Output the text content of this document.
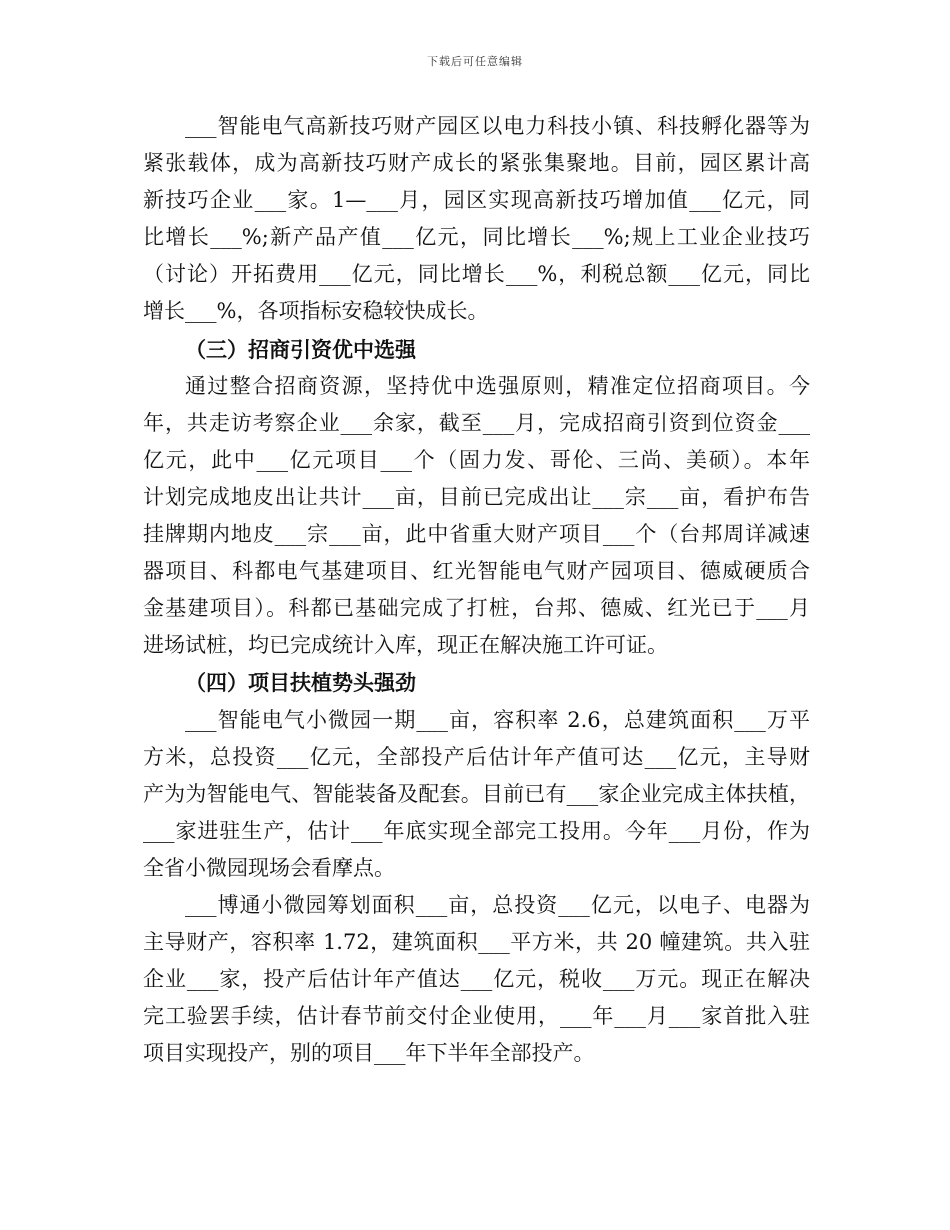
下载后可任意编辑
___智能电气高新技巧财产园区以电力科技小镇、科技孵化器等为
紧张载体，成为高新技巧财产成长的紧张集聚地。目前，园区累计高
新技巧企业___家。1—___月，园区实现高新技巧增加值___亿元，同
比增长___%;新产品产值___亿元，同比增长___%;规上工业企业技巧
（讨论）开拓费用___亿元，同比增长___%，利税总额___亿元，同比
增长___%，各项指标安稳较快成长。
（三）招商引资优中选强
通过整合招商资源，坚持优中选强原则，精准定位招商项目。今
年，共走访考察企业___余家，截至___月，完成招商引资到位资金___
亿元，此中___亿元项目___个（固力发、哥伦、三尚、美硕）。本年
计划完成地皮出让共计___亩，目前已完成出让___宗___亩，看护布告
挂牌期内地皮___宗___亩，此中省重大财产项目___个（台邦周详减速
器项目、科都电气基建项目、红光智能电气财产园项目、德威硬质合
金基建项目）。科都已基础完成了打桩，台邦、德威、红光已于___月
进场试桩，均已完成统计入库，现正在解决施工许可证。
（四）项目扶植势头强劲
___智能电气小微园一期___亩，容积率 2.6，总建筑面积___万平
方米，总投资___亿元，全部投产后估计年产值可达___亿元，主导财
产为为智能电气、智能装备及配套。目前已有___家企业完成主体扶植，
___家进驻生产，估计___年底实现全部完工投用。今年___月份，作为
全省小微园现场会看摩点。
___博通小微园筹划面积___亩，总投资___亿元，以电子、电器为
主导财产，容积率 1.72，建筑面积___平方米，共 20 幢建筑。共入驻
企业___家，投产后估计年产值达___亿元，税收___万元。现正在解决
完工验罢手续，估计春节前交付企业使用，___年___月___家首批入驻
项目实现投产，别的项目___年下半年全部投产。
